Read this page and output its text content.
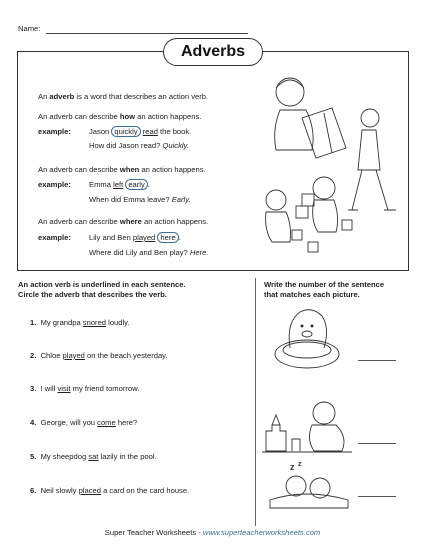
Name:
Adverbs
An adverb is a word that describes an action verb.
An adverb can describe how an action happens.
example: Jason quickly read the book.
How did Jason read? Quickly.
An adverb can describe when an action happens.
example: Emma left early .
When did Emma leave? Early.
An adverb can describe where an action happens.
example: Lily and Ben played here .
Where did Lily and Ben play? Here.
An action verb is underlined in each sentence.
Circle the adverb that describes the verb.
Write the number of the sentence
that matches each picture.
1. My grandpa snored loudly.
2. Chloe played on the beach yesterday.
3. I will visit my friend tomorrow.
4. George, will you come here?
5. My sheepdog sat lazily in the pool.
6. Neil slowly placed a card on the card house.
z z
Super Teacher Worksheets - www.superteacherworksheets.com
